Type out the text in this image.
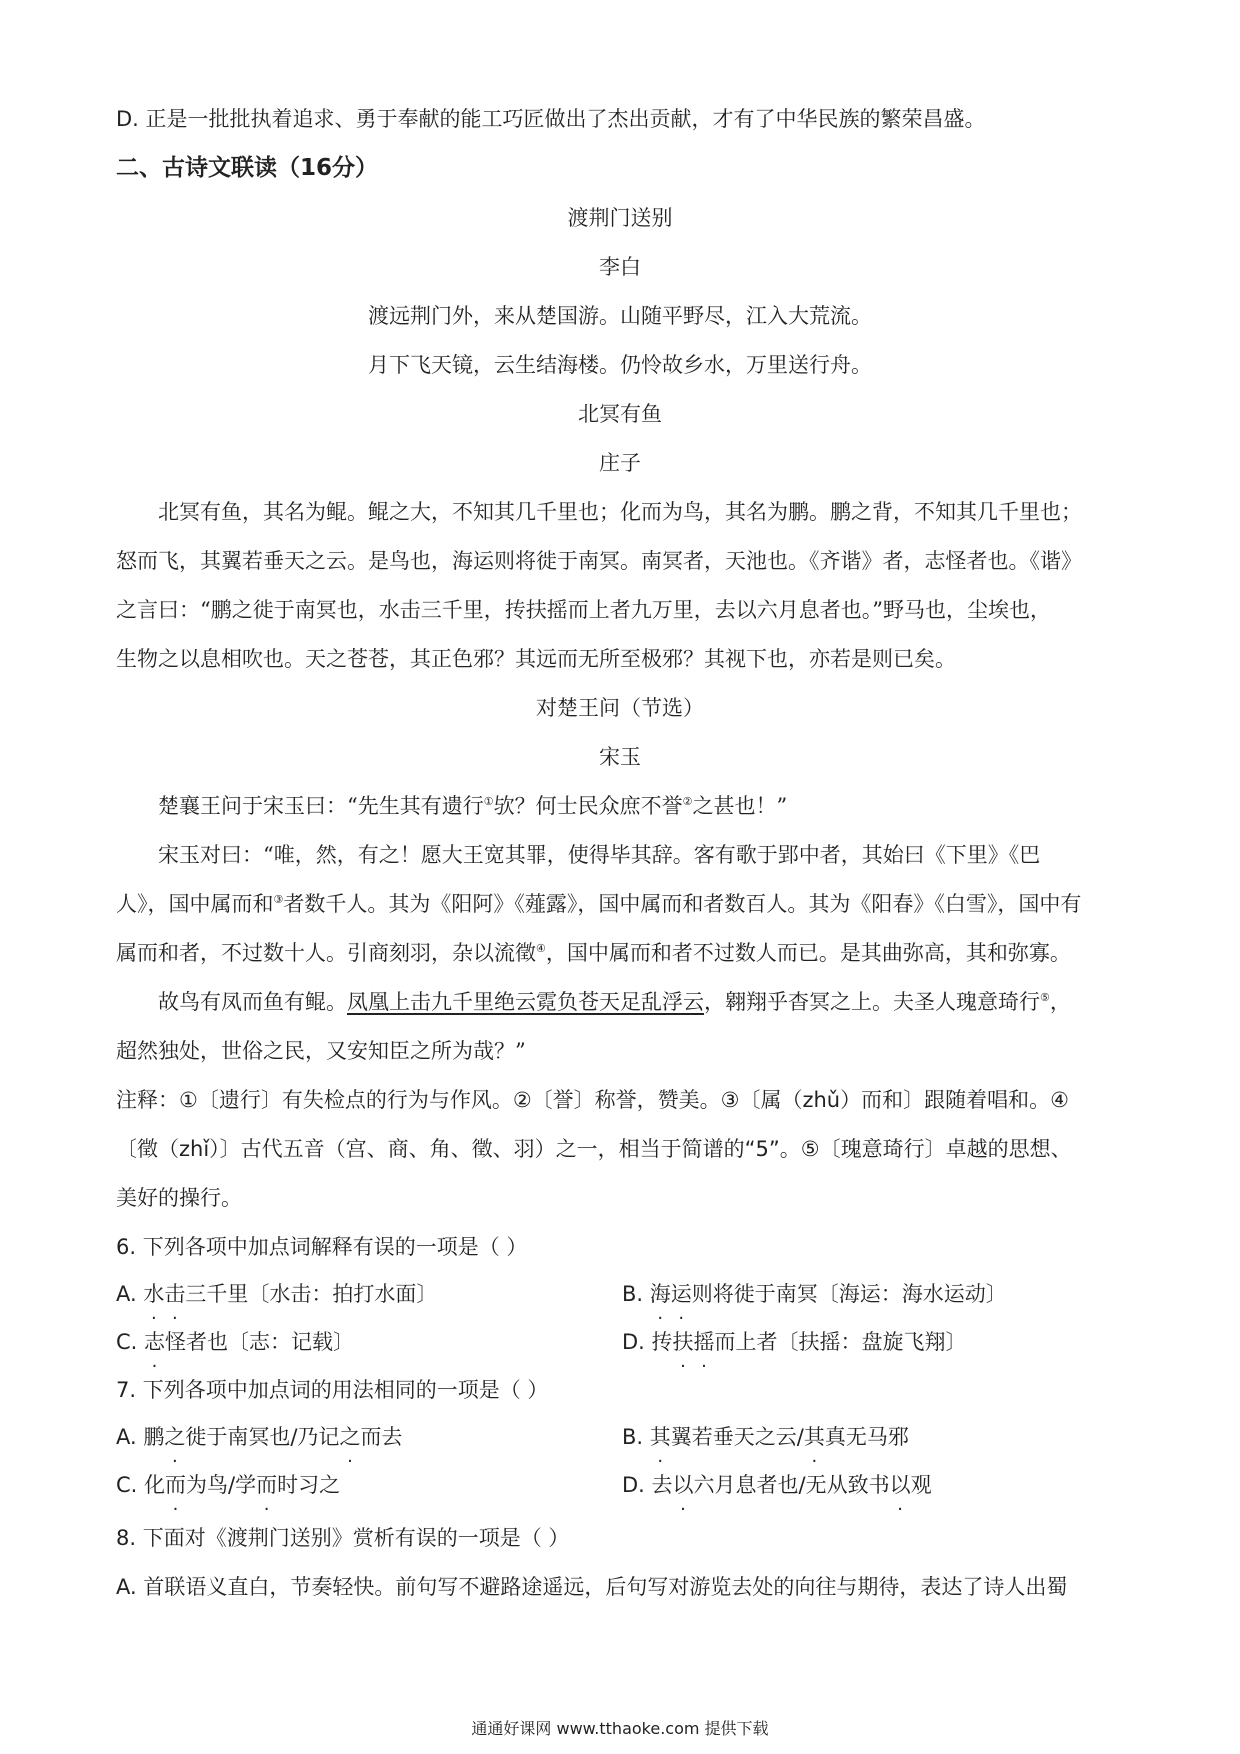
D. 正是一批批执着追求、勇于奉献的能工巧匠做出了杰出贡献，才有了中华民族的繁荣昌盛。
二、古诗文联读（16分）
渡荆门送别
李白
渡远荆门外，来从楚国游。山随平野尽，江入大荒流。
月下飞天镜，云生结海楼。仍怜故乡水，万里送行舟。
北冥有鱼
庄子
北冥有鱼，其名为鲲。鲲之大，不知其几千里也；化而为鸟，其名为鹏。鹏之背，不知其几千里也；
怒而飞，其翼若垂天之云。是鸟也，海运则将徙于南冥。南冥者，天池也。《齐谐》者，志怪者也。《谐》
之言曰：“鹏之徙于南冥也，水击三千里，抟扶摇而上者九万里，去以六月息者也。”野马也，尘埃也，
生物之以息相吹也。天之苍苍，其正色邪？其远而无所至极邪？其视下也，亦若是则已矣。
对楚王问（节选）
宋玉
楚襄王问于宋玉曰：“先生其有遗行①欤？何士民众庶不誉②之甚也！”
宋玉对曰：“唯，然，有之！愿大王宽其罪，使得毕其辞。客有歌于郢中者，其始曰《下里》《巴
人》，国中属而和③者数千人。其为《阳阿》《薤露》，国中属而和者数百人。其为《阳春》《白雪》，国中有
属而和者，不过数十人。引商刻羽，杂以流徵④，国中属而和者不过数人而已。是其曲弥高，其和弥寡。
故鸟有凤而鱼有鲲。凤凰上击九千里绝云霓负苍天足乱浮云，翱翔乎杳冥之上。夫圣人瑰意琦行⑤，
超然独处，世俗之民，又安知臣之所为哉？”
注释：①〔遗行〕有失检点的行为与作风。②〔誉〕称誉，赞美。③〔属（zhǔ）而和〕跟随着唱和。④
〔徵（zhǐ）〕古代五音（宫、商、角、徵、羽）之一，相当于简谱的“5”。⑤〔瑰意琦行〕卓越的思想、
美好的操行。
6. 下列各项中加点词解释有误的一项是（ ）
A. 水击三千里〔水击：拍打水面〕	B. 海运则将徙于南冥〔海运：海水运动〕
C. 志怪者也〔志：记载〕	D. 抟扶摇而上者〔扶摇：盘旋飞翔〕
7. 下列各项中加点词的用法相同的一项是（ ）
A. 鹏之徙于南冥也/乃记之而去	B. 其翼若垂天之云/其真无马邪
C. 化而为鸟/学而时习之	D. 去以六月息者也/无从致书以观
8. 下面对《渡荆门送别》赏析有误的一项是（ ）
A. 首联语义直白，节奏轻快。前句写不避路途遥远，后句写对游览去处的向往与期待，表达了诗人出蜀
通通好课网 www.tthaoke.com 提供下载
